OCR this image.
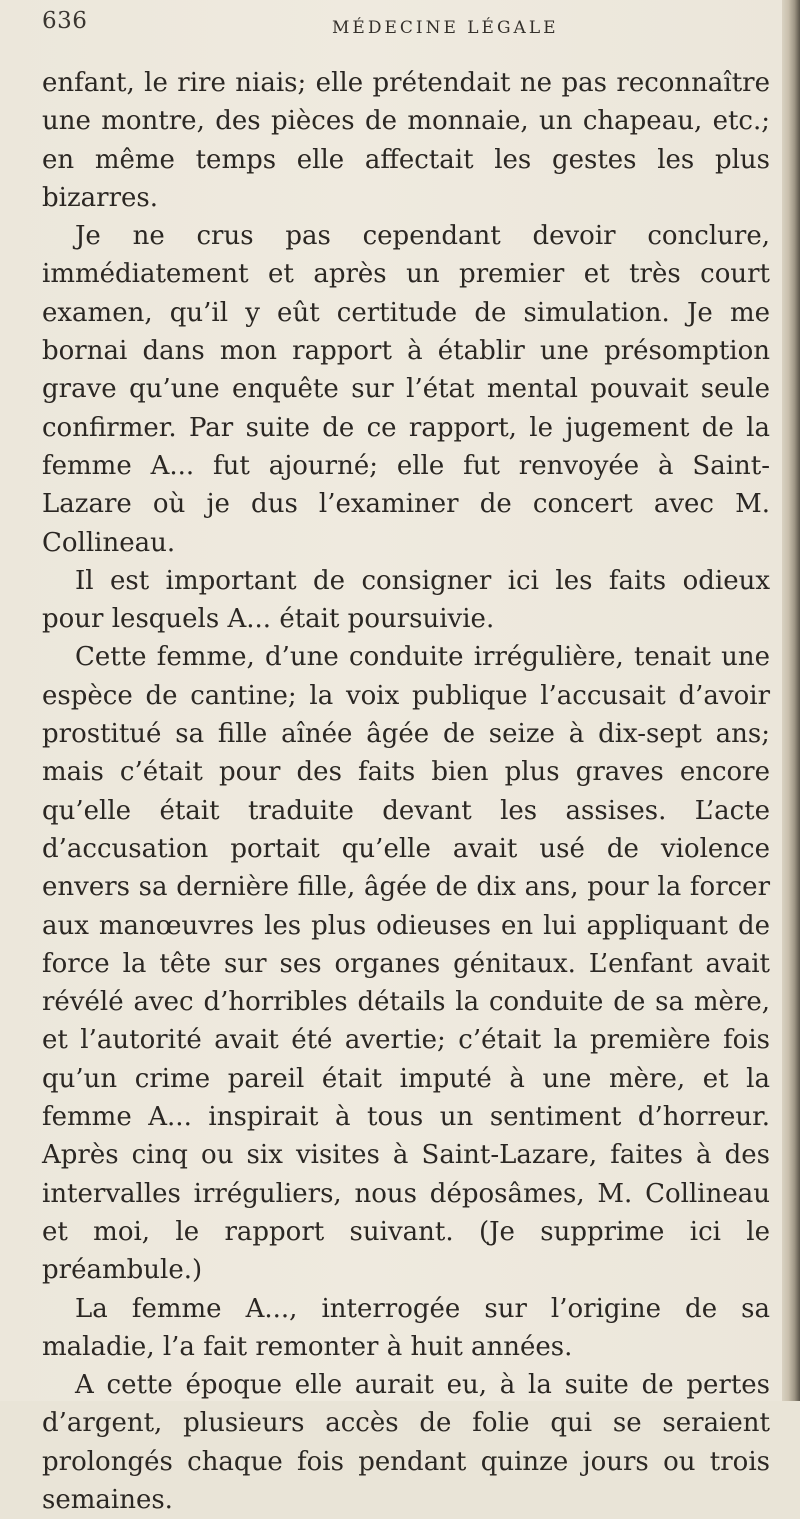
636	MÉDECINE LÉGALE

enfant, le rire niais; elle prétendait ne pas reconnaître une montre, des pièces de monnaie, un chapeau, etc.; en même temps elle affectait les gestes les plus bizarres.

Je ne crus pas cependant devoir conclure, immédiatement et après un premier et très court examen, qu’il y eût certitude de simulation. Je me bornai dans mon rapport à établir une présomption grave qu’une enquête sur l’état mental pouvait seule confirmer. Par suite de ce rapport, le jugement de la femme A... fut ajourné; elle fut renvoyée à Saint-Lazare où je dus l’examiner de concert avec M. Collineau.

Il est important de consigner ici les faits odieux pour lesquels A... était poursuivie.

Cette femme, d’une conduite irrégulière, tenait une espèce de cantine; la voix publique l’accusait d’avoir prostitué sa fille aînée âgée de seize à dix-sept ans; mais c’était pour des faits bien plus graves encore qu’elle était traduite devant les assises. L’acte d’accusation portait qu’elle avait usé de violence envers sa dernière fille, âgée de dix ans, pour la forcer aux manœuvres les plus odieuses en lui appliquant de force la tête sur ses organes génitaux. L’enfant avait révélé avec d’horribles détails la conduite de sa mère, et l’autorité avait été avertie; c’était la première fois qu’un crime pareil était imputé à une mère, et la femme A... inspirait à tous un sentiment d’horreur. Après cinq ou six visites à Saint-Lazare, faites à des intervalles irréguliers, nous déposâmes, M. Collineau et moi, le rapport suivant. (Je supprime ici le préambule.)

La femme A..., interrogée sur l’origine de sa maladie, l’a fait remonter à huit années.

A cette époque elle aurait eu, à la suite de pertes d’argent, plusieurs accès de folie qui se seraient prolongés chaque fois pendant quinze jours ou trois semaines.
